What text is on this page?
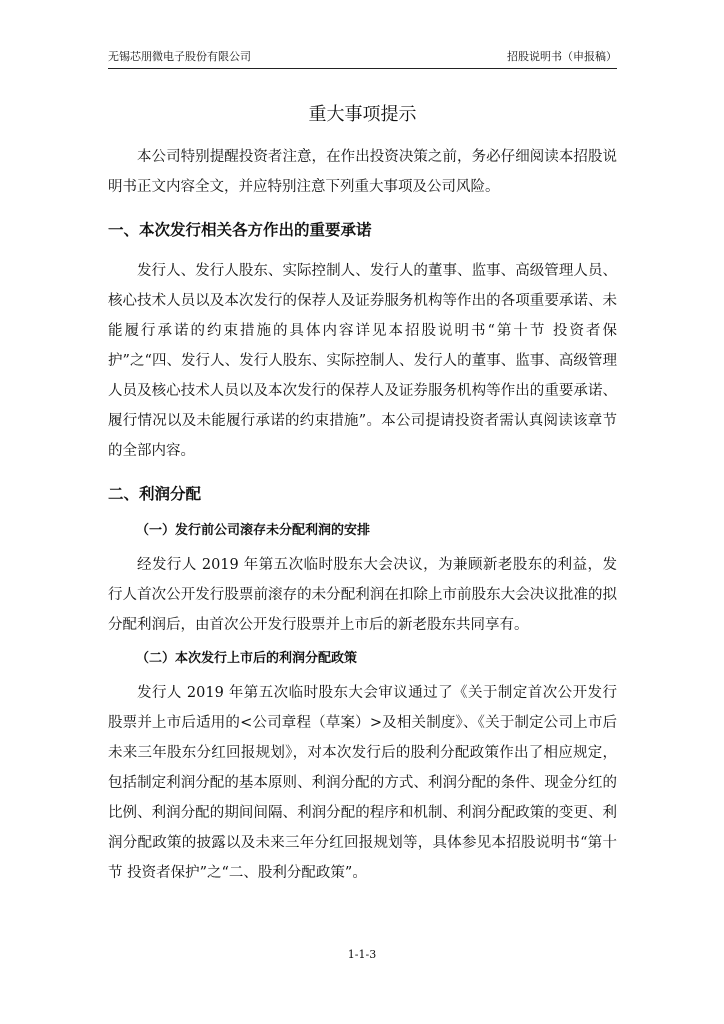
无锡芯朋微电子股份有限公司	招股说明书（申报稿）
重大事项提示

本公司特别提醒投资者注意，在作出投资决策之前，务必仔细阅读本招股说明书正文内容全文，并应特别注意下列重大事项及公司风险。

一、本次发行相关各方作出的重要承诺

发行人、发行人股东、实际控制人、发行人的董事、监事、高级管理人员、核心技术人员以及本次发行的保荐人及证券服务机构等作出的各项重要承诺、未能履行承诺的约束措施的具体内容详见本招股说明书“第十节 投资者保护”之“四、发行人、发行人股东、实际控制人、发行人的董事、监事、高级管理人员及核心技术人员以及本次发行的保荐人及证券服务机构等作出的重要承诺、履行情况以及未能履行承诺的约束措施”。本公司提请投资者需认真阅读该章节的全部内容。

二、利润分配
（一）发行前公司滚存未分配利润的安排

经发行人 2019 年第五次临时股东大会决议，为兼顾新老股东的利益，发行人首次公开发行股票前滚存的未分配利润在扣除上市前股东大会决议批准的拟分配利润后，由首次公开发行股票并上市后的新老股东共同享有。

（二）本次发行上市后的利润分配政策

发行人 2019 年第五次临时股东大会审议通过了《关于制定首次公开发行股票并上市后适用的<公司章程（草案）>及相关制度》、《关于制定公司上市后未来三年股东分红回报规划》，对本次发行后的股利分配政策作出了相应规定，包括制定利润分配的基本原则、利润分配的方式、利润分配的条件、现金分红的比例、利润分配的期间间隔、利润分配的程序和机制、利润分配政策的变更、利润分配政策的披露以及未来三年分红回报规划等，具体参见本招股说明书“第十节 投资者保护”之“二、股利分配政策”。

1-1-3
